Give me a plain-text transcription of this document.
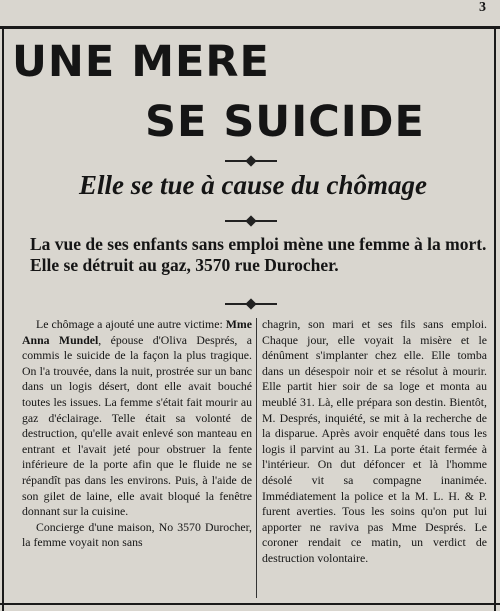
3
UNE MERE
SE SUICIDE
Elle se tue à cause du chômage
La vue de ses enfants sans emploi mène une femme à la mort. Elle se détruit au gaz, 3570 rue Durocher.

Le chômage a ajouté une autre victime: Mme Anna Mundel, épouse d'Oliva Després, a commis le suicide de la façon la plus tragique. On l'a trouvée, dans la nuit, prostrée sur un banc dans un logis désert, dont elle avait bouché toutes les issues. La femme s'était fait mourir au gaz d'éclairage. Telle était sa volonté de destruction, qu'elle avait enlevé son manteau en entrant et l'avait jeté pour obstruer la fente inférieure de la porte afin que le fluide ne se répandît pas dans les environs. Puis, à l'aide de son gilet de laine, elle avait bloqué la fenêtre donnant sur la cuisine.

Concierge d'une maison, No 3570 Durocher, la femme voyait non sans

chagrin, son mari et ses fils sans emploi. Chaque jour, elle voyait la misère et le dénûment s'implanter chez elle. Elle tomba dans un désespoir noir et se résolut à mourir. Elle partit hier soir de sa loge et monta au meublé 31. Là, elle prépara son destin. Bientôt, M. Després, inquiété, se mit à la recherche de la disparue. Après avoir enquêté dans tous les logis il parvint au 31. La porte était fermée à l'intérieur. On dut défoncer et là l'homme désolé vit sa compagne inanimée. Immédiatement la police et la M. L. H. & P. furent averties. Tous les soins qu'on put lui apporter ne raviva pas Mme Després. Le coroner rendait ce matin, un verdict de destruction volontaire.
